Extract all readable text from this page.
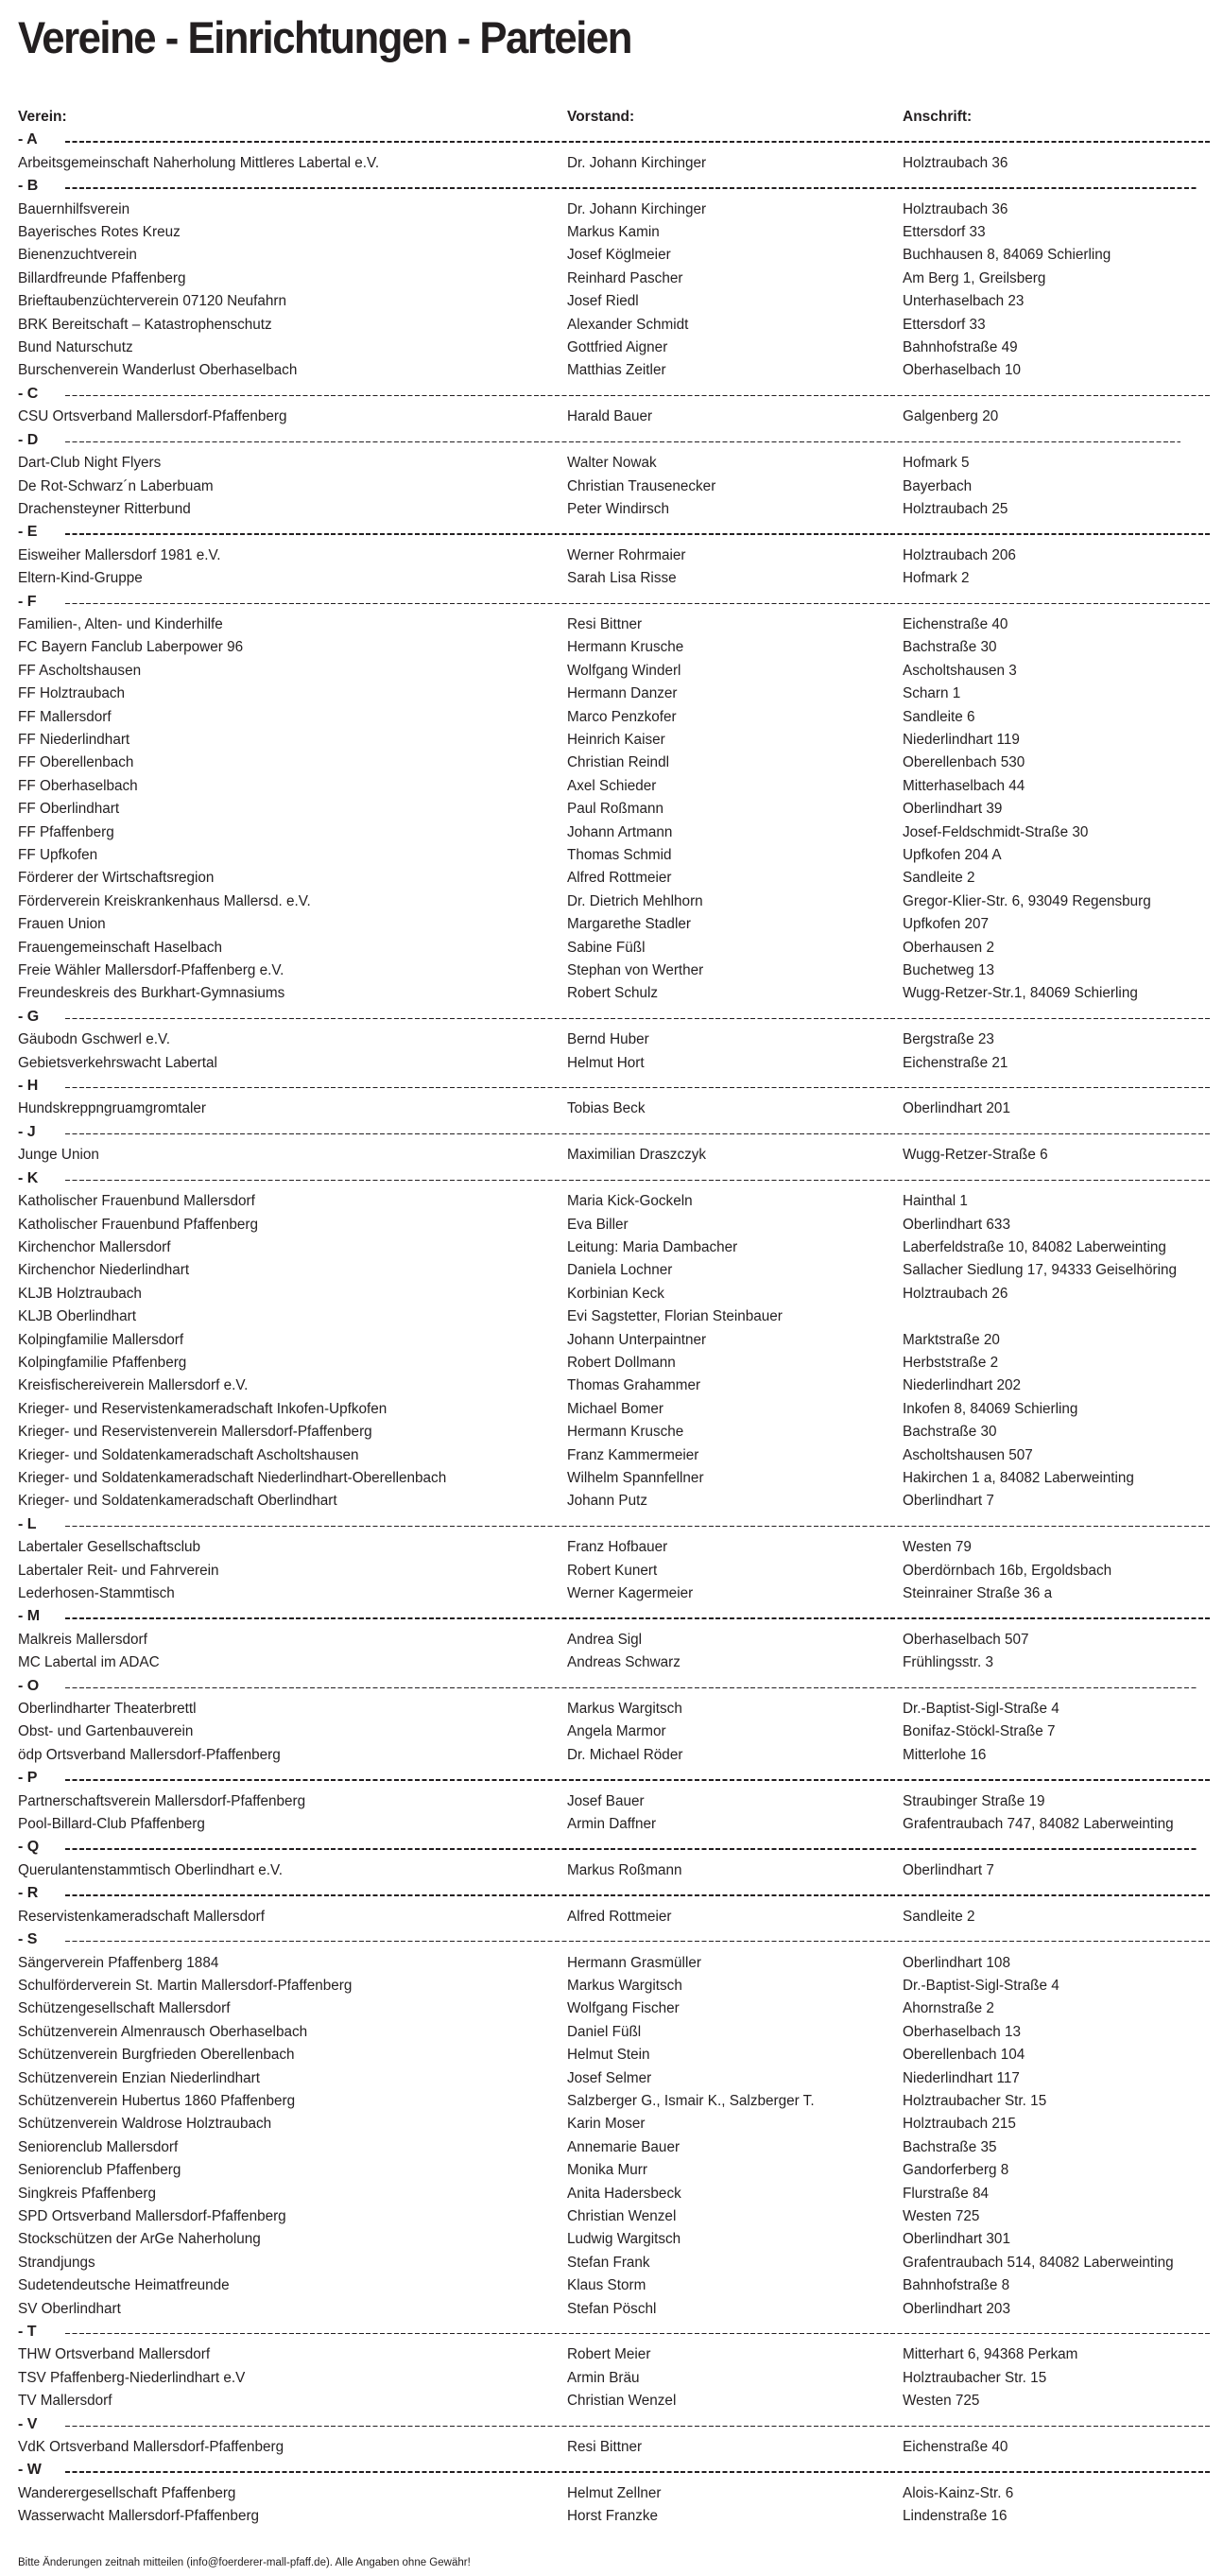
Vereine - Einrichtungen - Parteien
Verein:	Vorstand:	Anschrift:
- A
Arbeitsgemeinschaft Naherholung Mittleres Labertal e.V.	Dr. Johann Kirchinger	Holztraubach 36
- B
Bauernhilfsverein	Dr. Johann Kirchinger	Holztraubach 36
Bayerisches Rotes Kreuz	Markus Kamin	Ettersdorf 33
Bienenzuchtverein	Josef Köglmeier	Buchhausen 8, 84069 Schierling
Billardfreunde Pfaffenberg	Reinhard Pascher	Am Berg 1, Greilsberg
Brieftaubenzüchterverein 07120 Neufahrn	Josef Riedl	Unterhaselbach 23
BRK Bereitschaft – Katastrophenschutz	Alexander Schmidt	Ettersdorf 33
Bund Naturschutz	Gottfried Aigner	Bahnhofstraße 49
Burschenverein Wanderlust Oberhaselbach	Matthias Zeitler	Oberhaselbach 10
- C
CSU Ortsverband Mallersdorf-Pfaffenberg	Harald Bauer	Galgenberg 20
- D
Dart-Club Night Flyers	Walter Nowak	Hofmark 5
De Rot-Schwarz´n Laberbuam	Christian Trausenecker	Bayerbach
Drachensteyner Ritterbund	Peter Windirsch	Holztraubach 25
- E
Eisweiher Mallersdorf 1981 e.V.	Werner Rohrmaier	Holztraubach 206
Eltern-Kind-Gruppe	Sarah Lisa Risse	Hofmark 2
- F
Familien-, Alten- und Kinderhilfe	Resi Bittner	Eichenstraße 40
FC Bayern Fanclub Laberpower 96	Hermann Krusche	Bachstraße 30
FF Ascholtshausen	Wolfgang Winderl	Ascholtshausen 3
FF Holztraubach	Hermann Danzer	Scharn 1
FF Mallersdorf	Marco Penzkofer	Sandleite 6
FF Niederlindhart	Heinrich Kaiser	Niederlindhart 119
FF Oberellenbach	Christian Reindl	Oberellenbach 530
FF Oberhaselbach	Axel Schieder	Mitterhaselbach 44
FF Oberlindhart	Paul Roßmann	Oberlindhart 39
FF Pfaffenberg	Johann Artmann	Josef-Feldschmidt-Straße 30
FF Upfkofen	Thomas Schmid	Upfkofen 204 A
Förderer der Wirtschaftsregion	Alfred Rottmeier	Sandleite 2
Förderverein Kreiskrankenhaus Mallersd. e.V.	Dr. Dietrich Mehlhorn	Gregor-Klier-Str. 6, 93049 Regensburg
Frauen Union	Margarethe Stadler	Upfkofen 207
Frauengemeinschaft Haselbach	Sabine Füßl	Oberhausen 2
Freie Wähler Mallersdorf-Pfaffenberg e.V.	Stephan von Werther	Buchetweg 13
Freundeskreis des Burkhart-Gymnasiums	Robert Schulz	Wugg-Retzer-Str.1, 84069 Schierling
- G
Gäubodn Gschwerl e.V.	Bernd Huber	Bergstraße 23
Gebietsverkehrswacht Labertal	Helmut Hort	Eichenstraße 21
- H
Hundskreppngruamgromtaler	Tobias Beck	Oberlindhart 201
- J
Junge Union	Maximilian Draszczyk	Wugg-Retzer-Straße 6
- K
Katholischer Frauenbund Mallersdorf	Maria Kick-Gockeln	Hainthal 1
Katholischer Frauenbund Pfaffenberg	Eva Biller	Oberlindhart 633
Kirchenchor Mallersdorf	Leitung: Maria Dambacher	Laberfeldstraße 10, 84082 Laberweinting
Kirchenchor Niederlindhart	Daniela Lochner	Sallacher Siedlung 17, 94333 Geiselhöring
KLJB Holztraubach	Korbinian Keck	Holztraubach 26
KLJB Oberlindhart	Evi Sagstetter, Florian Steinbauer
Kolpingfamilie Mallersdorf	Johann Unterpaintner	Marktstraße 20
Kolpingfamilie Pfaffenberg	Robert Dollmann	Herbststraße 2
Kreisfischereiverein Mallersdorf e.V.	Thomas Grahammer	Niederlindhart 202
Krieger- und Reservistenkameradschaft Inkofen-Upfkofen	Michael Bomer	Inkofen 8, 84069 Schierling
Krieger- und Reservistenverein Mallersdorf-Pfaffenberg	Hermann Krusche	Bachstraße 30
Krieger- und Soldatenkameradschaft Ascholtshausen	Franz Kammermeier	Ascholtshausen 507
Krieger- und Soldatenkameradschaft Niederlindhart-Oberellenbach	Wilhelm Spannfellner	Hakirchen 1 a, 84082 Laberweinting
Krieger- und Soldatenkameradschaft Oberlindhart	Johann Putz	Oberlindhart 7
- L
Labertaler Gesellschaftsclub	Franz Hofbauer	Westen 79
Labertaler Reit- und Fahrverein	Robert Kunert	Oberdörnbach 16b, Ergoldsbach
Lederhosen-Stammtisch	Werner Kagermeier	Steinrainer Straße 36 a
- M
Malkreis Mallersdorf	Andrea Sigl	Oberhaselbach 507
MC Labertal im ADAC	Andreas Schwarz	Frühlingsstr. 3
- O
Oberlindharter Theaterbrettl	Markus Wargitsch	Dr.-Baptist-Sigl-Straße 4
Obst- und Gartenbauverein	Angela Marmor	Bonifaz-Stöckl-Straße 7
ödp Ortsverband Mallersdorf-Pfaffenberg	Dr. Michael Röder	Mitterlohe 16
- P
Partnerschaftsverein Mallersdorf-Pfaffenberg	Josef Bauer	Straubinger Straße 19
Pool-Billard-Club Pfaffenberg	Armin Daffner	Grafentraubach 747, 84082 Laberweinting
- Q
Querulantenstammtisch Oberlindhart e.V.	Markus Roßmann	Oberlindhart 7
- R
Reservistenkameradschaft Mallersdorf	Alfred Rottmeier	Sandleite 2
- S
Sängerverein Pfaffenberg 1884	Hermann Grasmüller	Oberlindhart 108
Schulförderverein St. Martin Mallersdorf-Pfaffenberg	Markus Wargitsch	Dr.-Baptist-Sigl-Straße 4
Schützengesellschaft Mallersdorf	Wolfgang Fischer	Ahornstraße 2
Schützenverein Almenrausch Oberhaselbach	Daniel Füßl	Oberhaselbach 13
Schützenverein Burgfrieden Oberellenbach	Helmut Stein	Oberellenbach 104
Schützenverein Enzian Niederlindhart	Josef Selmer	Niederlindhart 117
Schützenverein Hubertus 1860 Pfaffenberg	Salzberger G., Ismair K., Salzberger T.	Holztraubacher Str. 15
Schützenverein Waldrose Holztraubach	Karin Moser	Holztraubach 215
Seniorenclub Mallersdorf	Annemarie Bauer	Bachstraße 35
Seniorenclub Pfaffenberg	Monika Murr	Gandorferberg 8
Singkreis Pfaffenberg	Anita Hadersbeck	Flurstraße 84
SPD Ortsverband Mallersdorf-Pfaffenberg	Christian Wenzel	Westen 725
Stockschützen der ArGe Naherholung	Ludwig Wargitsch	Oberlindhart 301
Strandjungs	Stefan Frank	Grafentraubach 514, 84082 Laberweinting
Sudetendeutsche Heimatfreunde	Klaus Storm	Bahnhofstraße 8
SV Oberlindhart	Stefan Pöschl	Oberlindhart 203
- T
THW Ortsverband Mallersdorf	Robert Meier	Mitterhart 6, 94368 Perkam
TSV Pfaffenberg-Niederlindhart e.V	Armin Bräu	Holztraubacher Str. 15
TV Mallersdorf	Christian Wenzel	Westen 725
- V
VdK Ortsverband Mallersdorf-Pfaffenberg	Resi Bittner	Eichenstraße 40
- W
Wanderergesellschaft Pfaffenberg	Helmut Zellner	Alois-Kainz-Str. 6
Wasserwacht Mallersdorf-Pfaffenberg	Horst Franzke	Lindenstraße 16
Bitte Änderungen zeitnah mitteilen (info@foerderer-mall-pfaff.de). Alle Angaben ohne Gewähr!
